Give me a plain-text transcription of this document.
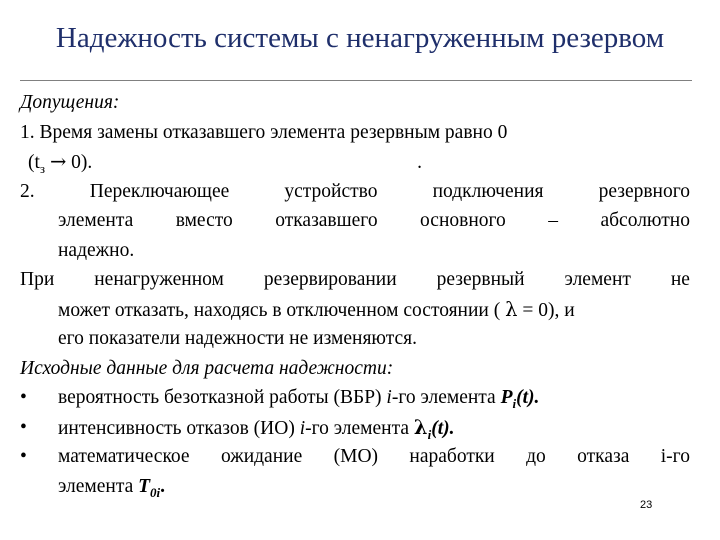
Надежность системы с ненагруженным резервом
Допущения:
1. Время замены отказавшего элемента резервным равно 0
$(t_з \to 0)$.	.
2.	Переключающее	устройство	подключения	резервного
элемента вместо отказавшего основного – абсолютно
надежно.
При ненагруженном резервировании резервный элемент не
может отказать, находясь в отключенном состоянии ( λ = 0), и
его показатели надежности не изменяются.
Исходные данные для расчета надежности:
•	вероятность безотказной работы (ВБР) i-го элемента $P_i(t)$.
•	интенсивность отказов (ИО) i-го элемента $\lambda_i(t)$.
•	математическое ожидание (МО) наработки до отказа i-го
элемента $T_{0i}$.
23
